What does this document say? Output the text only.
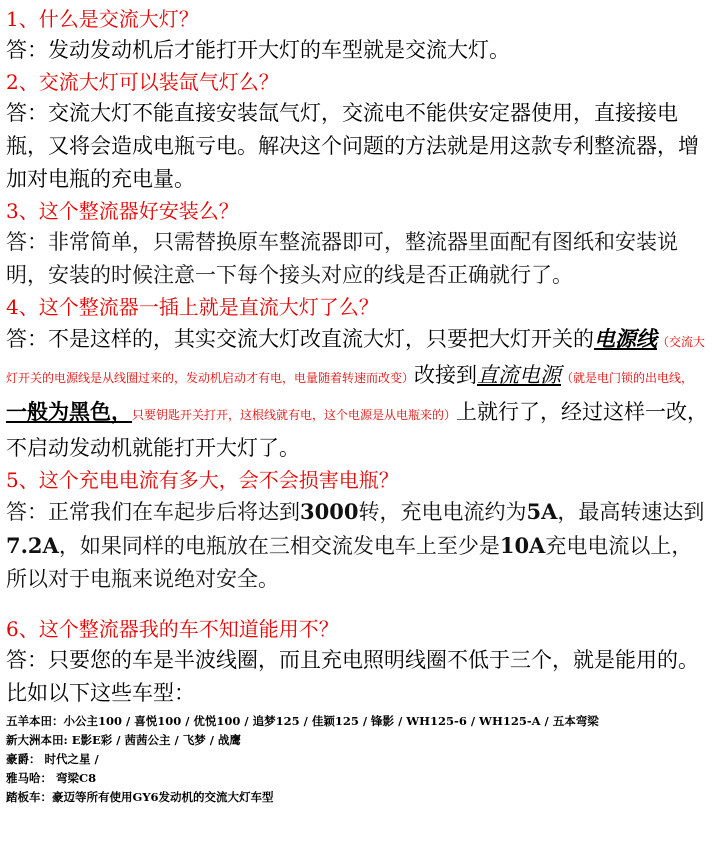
1、什么是交流大灯？

答：发动发动机后才能打开大灯的车型就是交流大灯。

2、交流大灯可以装氙气灯么？

答：交流大灯不能直接安装氙气灯，交流电不能供安定器使用，直接接电瓶，又将会造成电瓶亏电。解决这个问题的方法就是用这款专利整流器，增加对电瓶的充电量。

3、这个整流器好安装么？

答：非常简单，只需替换原车整流器即可，整流器里面配有图纸和安装说明，安装的时候注意一下每个接头对应的线是否正确就行了。

4、这个整流器一插上就是直流大灯了么？

答：不是这样的，其实交流大灯改直流大灯，只要把大灯开关的电源线（交流大灯开关的电源线是从线圈过来的，发动机启动才有电，电量随着转速而改变）改接到直流电源（就是电门锁的出电线，一般为黑色，只要钥匙开关打开，这根线就有电，这个电源是从电瓶来的）上就行了，经过这样一改，不启动发动机就能打开大灯了。

5、这个充电电流有多大，会不会损害电瓶？

答：正常我们在车起步后将达到3000转，充电电流约为5A，最高转速达到7.2A，如果同样的电瓶放在三相交流发电车上至少是10A充电电流以上，所以对于电瓶来说绝对安全。

6、这个整流器我的车不知道能用不？

答：只要您的车是半波线圈，而且充电照明线圈不低于三个，就是能用的。比如以下这些车型：

五羊本田：小公主100 / 喜悦100 / 优悦100 / 追梦125 / 佳颖125 / 锋影 / WH125-6 / WH125-A / 五本弯梁

新大洲本田: E影E彩 / 茜茜公主 / 飞梦 / 战鹰

豪爵： 时代之星 /

雅马哈： 弯梁C8

踏板车：豪迈等所有使用GY6发动机的交流大灯车型
